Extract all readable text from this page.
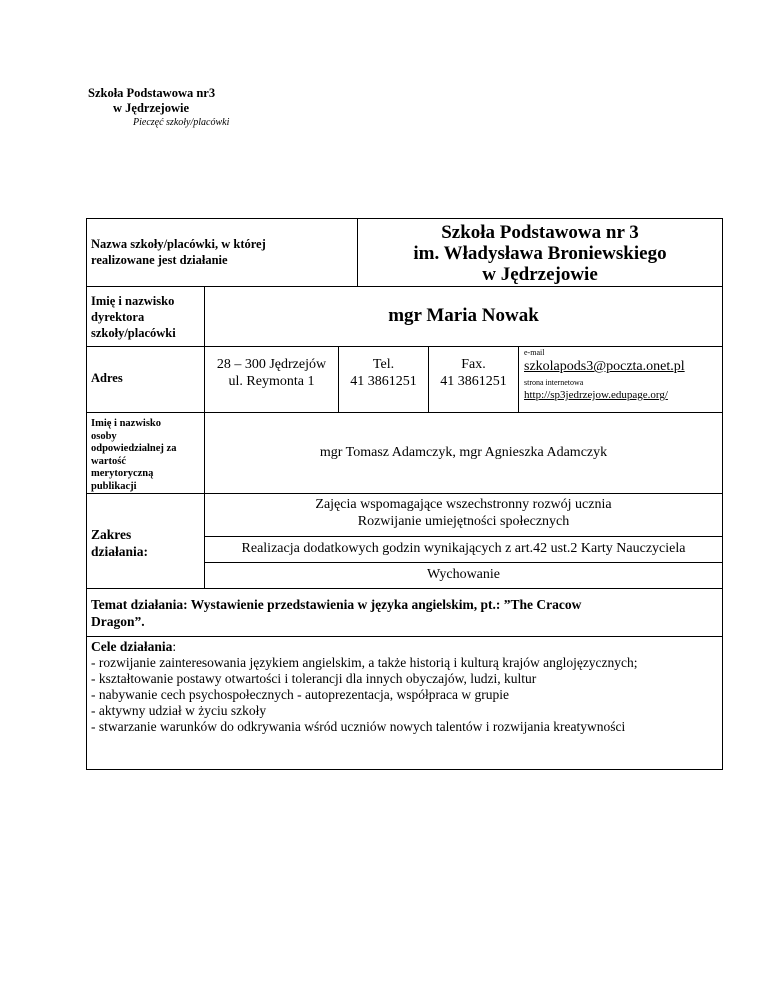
Szkoła Podstawowa nr3
w Jędrzejowie
Pieczęć szkoły/placówki
Nazwa szkoły/placówki, w której
realizowane jest działanie
Szkoła Podstawowa nr 3
im. Władysława Broniewskiego
w Jędrzejowie
Imię i nazwisko
dyrektora
szkoły/placówki
mgr Maria Nowak
Adres
28 – 300 Jędrzejów
ul. Reymonta 1
Tel.
41 3861251
Fax.
41 3861251
e-mail
szkolapods3@poczta.onet.pl
strona internetowa
http://sp3jedrzejow.edupage.org/
Imię i nazwisko
osoby
odpowiedzialnej za
wartość
merytoryczną
publikacji
mgr Tomasz Adamczyk, mgr Agnieszka Adamczyk
Zakres
działania:
Zajęcia wspomagające wszechstronny rozwój ucznia
Rozwijanie umiejętności społecznych
Realizacja dodatkowych godzin wynikających z art.42 ust.2 Karty Nauczyciela
Wychowanie
Temat działania: Wystawienie przedstawienia w języka angielskim, pt.: ”The Cracow
Dragon”.
Cele działania:
- rozwijanie zainteresowania językiem angielskim, a także historią i kulturą krajów anglojęzycznych;
- kształtowanie postawy otwartości i tolerancji dla innych obyczajów, ludzi, kultur
- nabywanie cech psychospołecznych - autoprezentacja, współpraca w grupie
- aktywny udział w życiu szkoły
- stwarzanie warunków do odkrywania wśród uczniów nowych talentów i rozwijania kreatywności
